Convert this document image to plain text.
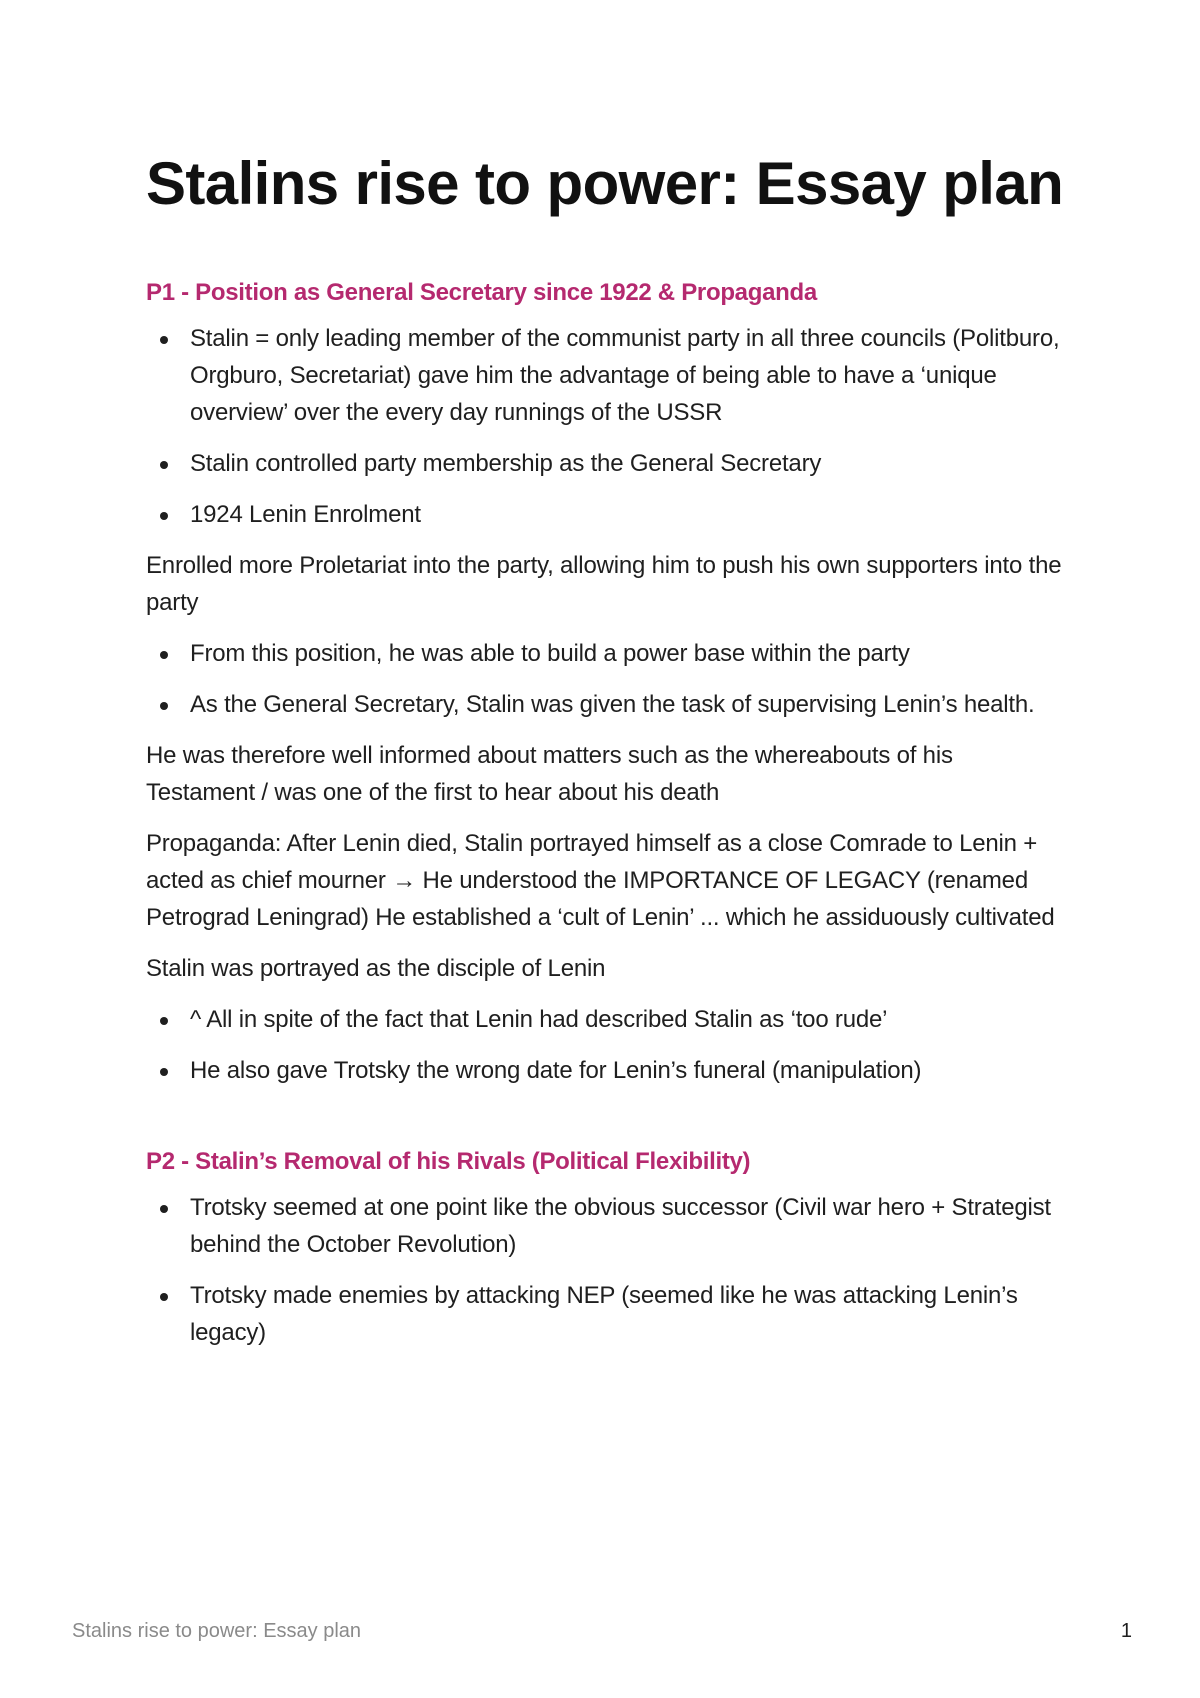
Stalins rise to power: Essay plan
P1 - Position as General Secretary since 1922 & Propaganda
Stalin = only leading member of the communist party in all three councils (Politburo, Orgburo, Secretariat) gave him the advantage of being able to have a ‘unique overview’ over the every day runnings of the USSR
Stalin controlled party membership as the General Secretary
1924 Lenin Enrolment

Enrolled more Proletariat into the party, allowing him to push his own supporters into the party

From this position, he was able to build a power base within the party
As the General Secretary, Stalin was given the task of supervising Lenin’s health.

He was therefore well informed about matters such as the whereabouts of his Testament / was one of the first to hear about his death

Propaganda: After Lenin died, Stalin portrayed himself as a close Comrade to Lenin + acted as chief mourner → He understood the IMPORTANCE OF LEGACY (renamed Petrograd Leningrad) He established a ‘cult of Lenin’ ... which he assiduously cultivated

Stalin was portrayed as the disciple of Lenin

^ All in spite of the fact that Lenin had described Stalin as ‘too rude’
He also gave Trotsky the wrong date for Lenin’s funeral (manipulation)
P2 - Stalin’s Removal of his Rivals (Political Flexibility)
Trotsky seemed at one point like the obvious successor (Civil war hero + Strategist behind the October Revolution)
Trotsky made enemies by attacking NEP (seemed like he was attacking Lenin’s legacy)
Stalins rise to power: Essay plan	1
